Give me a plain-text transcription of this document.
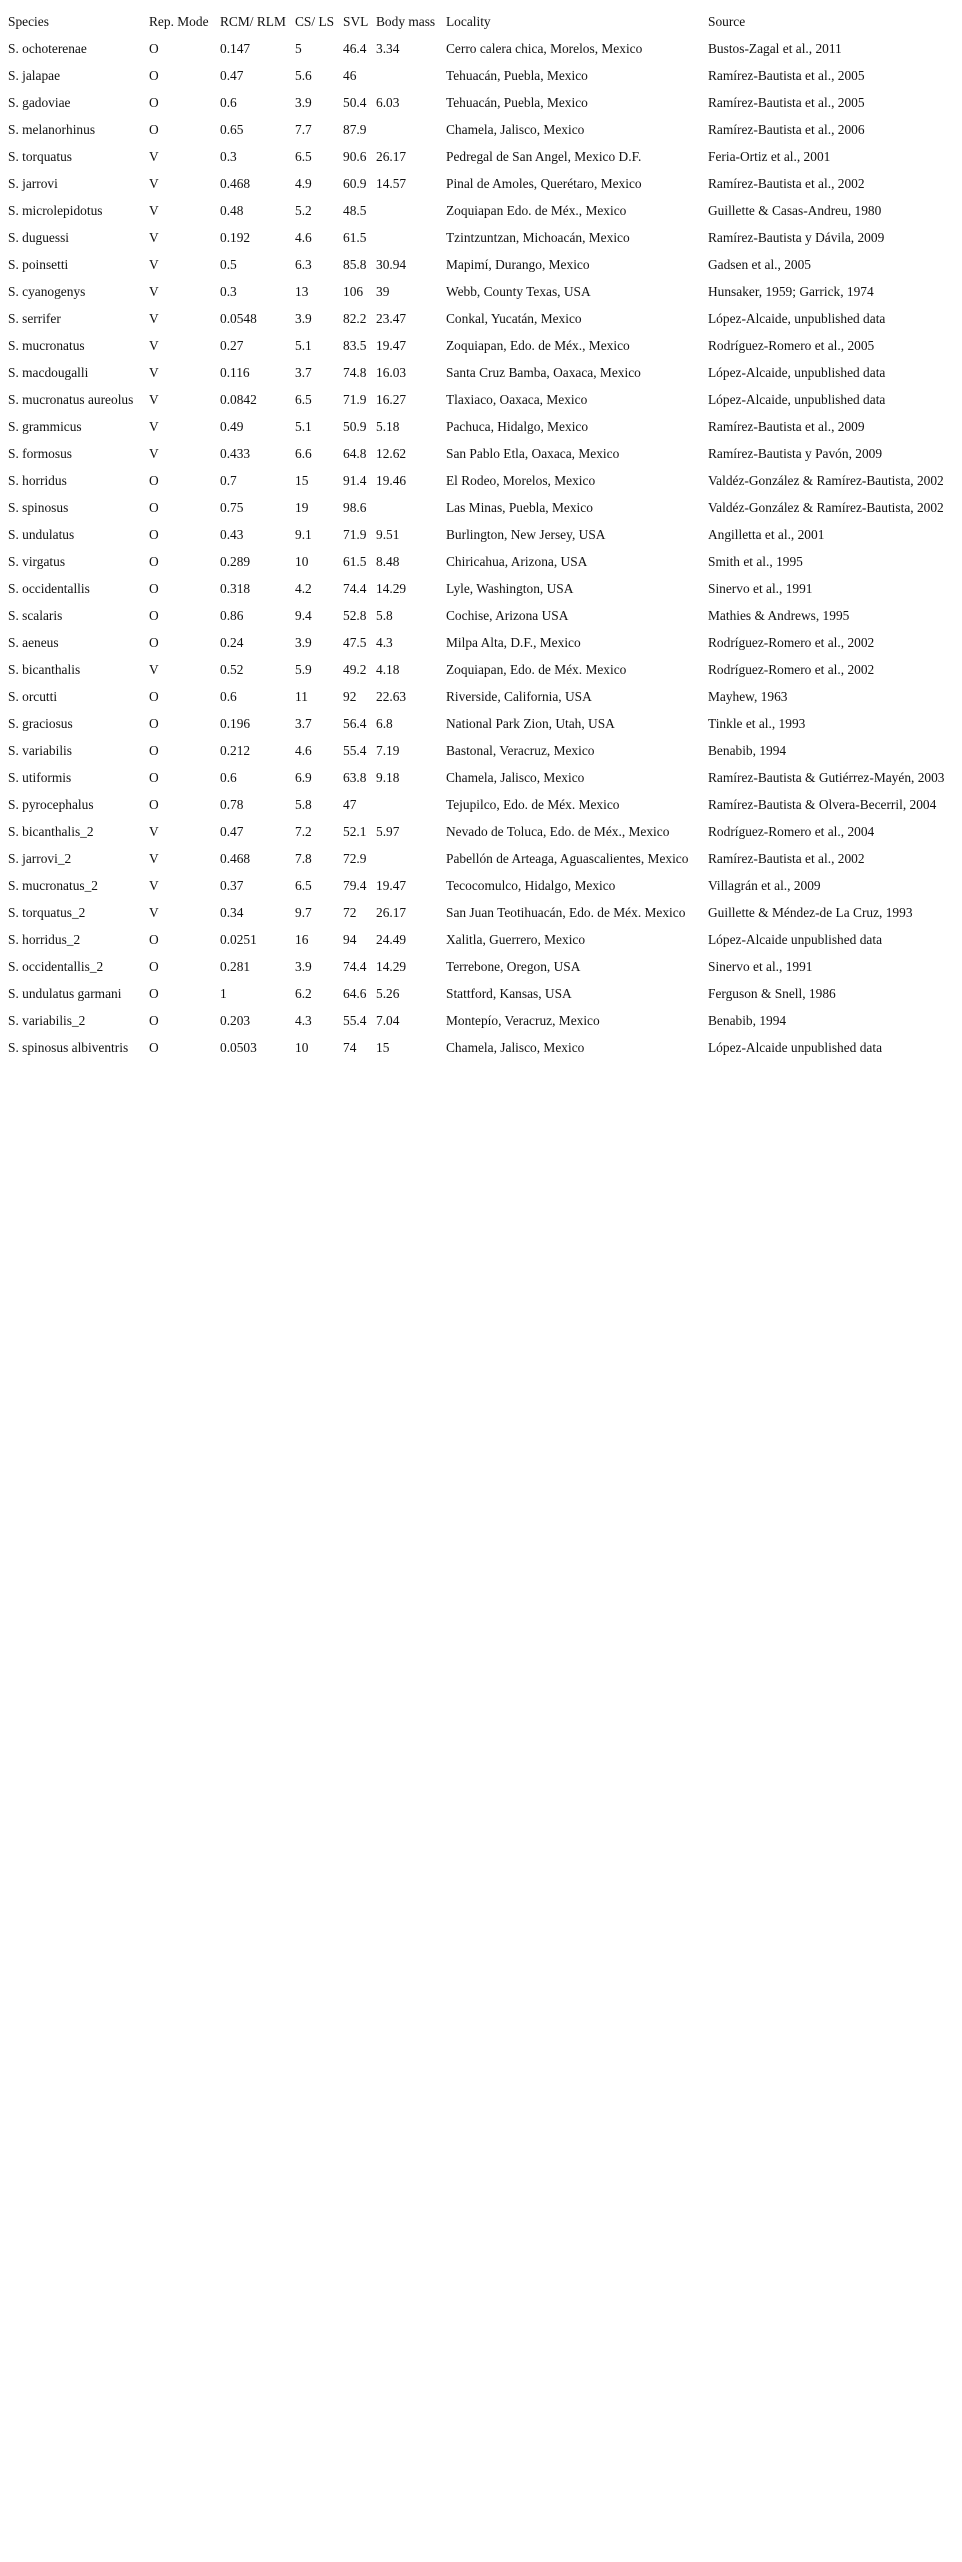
Species	Rep. Mode	RCM/ RLM	CS/ LS	SVL	Body mass	Locality	Source
S. ochoterenae	O	0.147	5	46.4	3.34	Cerro calera chica, Morelos, Mexico	Bustos-Zagal et al., 2011
S. jalapae	O	0.47	5.6	46		Tehuacán, Puebla, Mexico	Ramírez-Bautista et al., 2005
S. gadoviae	O	0.6	3.9	50.4	6.03	Tehuacán, Puebla, Mexico	Ramírez-Bautista et al., 2005
S. melanorhinus	O	0.65	7.7	87.9		Chamela, Jalisco, Mexico	Ramírez-Bautista et al., 2006
S. torquatus	V	0.3	6.5	90.6	26.17	Pedregal de San Angel, Mexico D.F.	Feria-Ortiz et al., 2001
S. jarrovi	V	0.468	4.9	60.9	14.57	Pinal de Amoles, Querétaro, Mexico	Ramírez-Bautista et al., 2002
S. microlepidotus	V	0.48	5.2	48.5		Zoquiapan Edo. de Méx., Mexico	Guillette & Casas-Andreu, 1980
S. duguessi	V	0.192	4.6	61.5		Tzintzuntzan, Michoacán, Mexico	Ramírez-Bautista y Dávila, 2009
S. poinsetti	V	0.5	6.3	85.8	30.94	Mapimí, Durango, Mexico	Gadsen et al., 2005
S. cyanogenys	V	0.3	13	106	39	Webb, County Texas, USA	Hunsaker, 1959; Garrick, 1974
S. serrifer	V	0.0548	3.9	82.2	23.47	Conkal, Yucatán, Mexico	López-Alcaide, unpublished data
S. mucronatus	V	0.27	5.1	83.5	19.47	Zoquiapan, Edo. de Méx., Mexico	Rodríguez-Romero et al., 2005
S. macdougalli	V	0.116	3.7	74.8	16.03	Santa Cruz Bamba, Oaxaca, Mexico	López-Alcaide, unpublished data
S. mucronatus aureolus	V	0.0842	6.5	71.9	16.27	Tlaxiaco, Oaxaca, Mexico	López-Alcaide, unpublished data
S. grammicus	V	0.49	5.1	50.9	5.18	Pachuca, Hidalgo, Mexico	Ramírez-Bautista et al., 2009
S. formosus	V	0.433	6.6	64.8	12.62	San Pablo Etla, Oaxaca, Mexico	Ramírez-Bautista y Pavón, 2009
S. horridus	O	0.7	15	91.4	19.46	El Rodeo, Morelos, Mexico	Valdéz-González & Ramírez-Bautista, 2002
S. spinosus	O	0.75	19	98.6		Las Minas, Puebla, Mexico	Valdéz-González & Ramírez-Bautista, 2002
S. undulatus	O	0.43	9.1	71.9	9.51	Burlington, New Jersey, USA	Angilletta et al., 2001
S. virgatus	O	0.289	10	61.5	8.48	Chiricahua, Arizona, USA	Smith et al., 1995
S. occidentallis	O	0.318	4.2	74.4	14.29	Lyle, Washington, USA	Sinervo et al., 1991
S. scalaris	O	0.86	9.4	52.8	5.8	Cochise, Arizona USA	Mathies & Andrews, 1995
S. aeneus	O	0.24	3.9	47.5	4.3	Milpa Alta, D.F., Mexico	Rodríguez-Romero et al., 2002
S. bicanthalis	V	0.52	5.9	49.2	4.18	Zoquiapan, Edo. de Méx. Mexico	Rodríguez-Romero et al., 2002
S. orcutti	O	0.6	11	92	22.63	Riverside, California, USA	Mayhew, 1963
S. graciosus	O	0.196	3.7	56.4	6.8	National Park Zion, Utah, USA	Tinkle et al., 1993
S. variabilis	O	0.212	4.6	55.4	7.19	Bastonal, Veracruz, Mexico	Benabib, 1994
S. utiformis	O	0.6	6.9	63.8	9.18	Chamela, Jalisco, Mexico	Ramírez-Bautista & Gutiérrez-Mayén, 2003
S. pyrocephalus	O	0.78	5.8	47		Tejupilco, Edo. de Méx. Mexico	Ramírez-Bautista & Olvera-Becerril, 2004
S. bicanthalis_2	V	0.47	7.2	52.1	5.97	Nevado de Toluca, Edo. de Méx., Mexico	Rodríguez-Romero et al., 2004
S. jarrovi_2	V	0.468	7.8	72.9		Pabellón de Arteaga, Aguascalientes, Mexico	Ramírez-Bautista et al., 2002
S. mucronatus_2	V	0.37	6.5	79.4	19.47	Tecocomulco, Hidalgo, Mexico	Villagrán et al., 2009
S. torquatus_2	V	0.34	9.7	72	26.17	San Juan Teotihuacán, Edo. de Méx. Mexico	Guillette & Méndez-de La Cruz, 1993
S. horridus_2	O	0.0251	16	94	24.49	Xalitla, Guerrero, Mexico	López-Alcaide unpublished data
S. occidentallis_2	O	0.281	3.9	74.4	14.29	Terrebone, Oregon, USA	Sinervo et al., 1991
S. undulatus garmani	O	1	6.2	64.6	5.26	Stattford, Kansas, USA	Ferguson & Snell, 1986
S. variabilis_2	O	0.203	4.3	55.4	7.04	Montepío, Veracruz, Mexico	Benabib, 1994
S. spinosus albiventris	O	0.0503	10	74	15	Chamela, Jalisco, Mexico	López-Alcaide unpublished data
